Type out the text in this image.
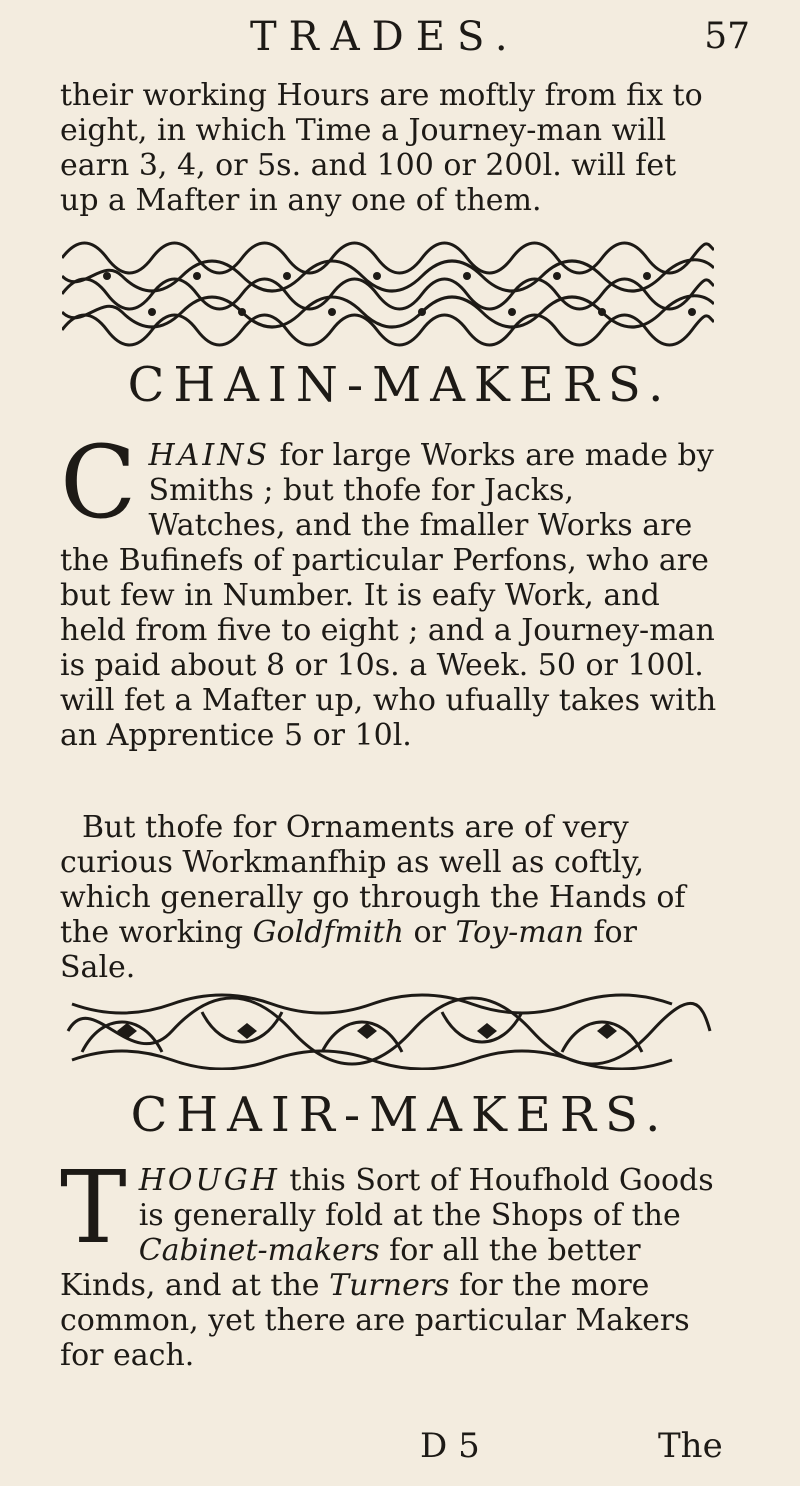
TRADES.	57
their working Hours are moftly from fix to eight, in which Time a Journey-man will earn 3, 4, or 5s. and 100 or 200l. will fet up a Mafter in any one of them.
CHAIN-MAKERS.
CHAINS for large Works are made by Smiths ; but thofe for Jacks, Watches, and the fmaller Works are the Bufinefs of particular Perfons, who are but few in Number. It is eafy Work, and held from five to eight ; and a Journey-man is paid about 8 or 10s. a Week. 50 or 100l. will fet a Mafter up, who ufually takes with an Apprentice 5 or 10l.
But thofe for Ornaments are of very curious Workmanfhip as well as coftly, which generally go through the Hands of the working Goldfmith or Toy-man for Sale.
CHAIR-MAKERS.
THOUGH this Sort of Houfhold Goods is generally fold at the Shops of the Cabinet-makers for all the better Kinds, and at the Turners for the more common, yet there are particular Makers for each.
D 5	The
